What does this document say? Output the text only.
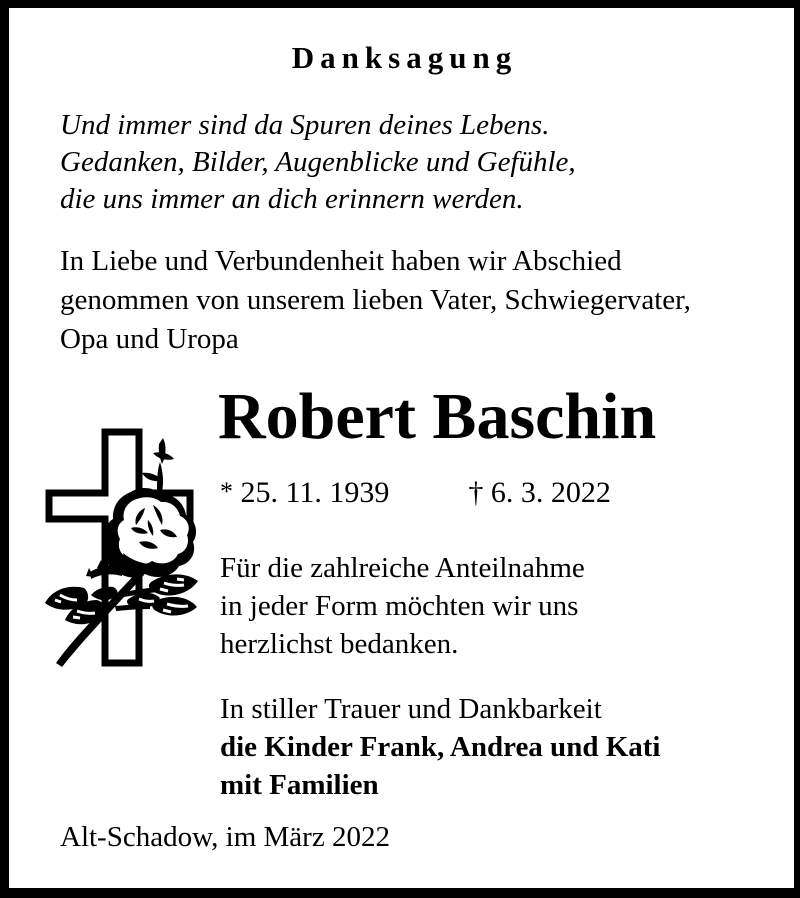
Danksagung
Und immer sind da Spuren deines Lebens.
Gedanken, Bilder, Augenblicke und Gefühle,
die uns immer an dich erinnern werden.
In Liebe und Verbundenheit haben wir Abschied
genommen von unserem lieben Vater, Schwiegervater,
Opa und Uropa
Robert Baschin
* 25. 11. 1939	† 6. 3. 2022
Für die zahlreiche Anteilnahme
in jeder Form möchten wir uns
herzlichst bedanken.
In stiller Trauer und Dankbarkeit
die Kinder Frank, Andrea und Kati
mit Familien
Alt-Schadow, im März 2022
